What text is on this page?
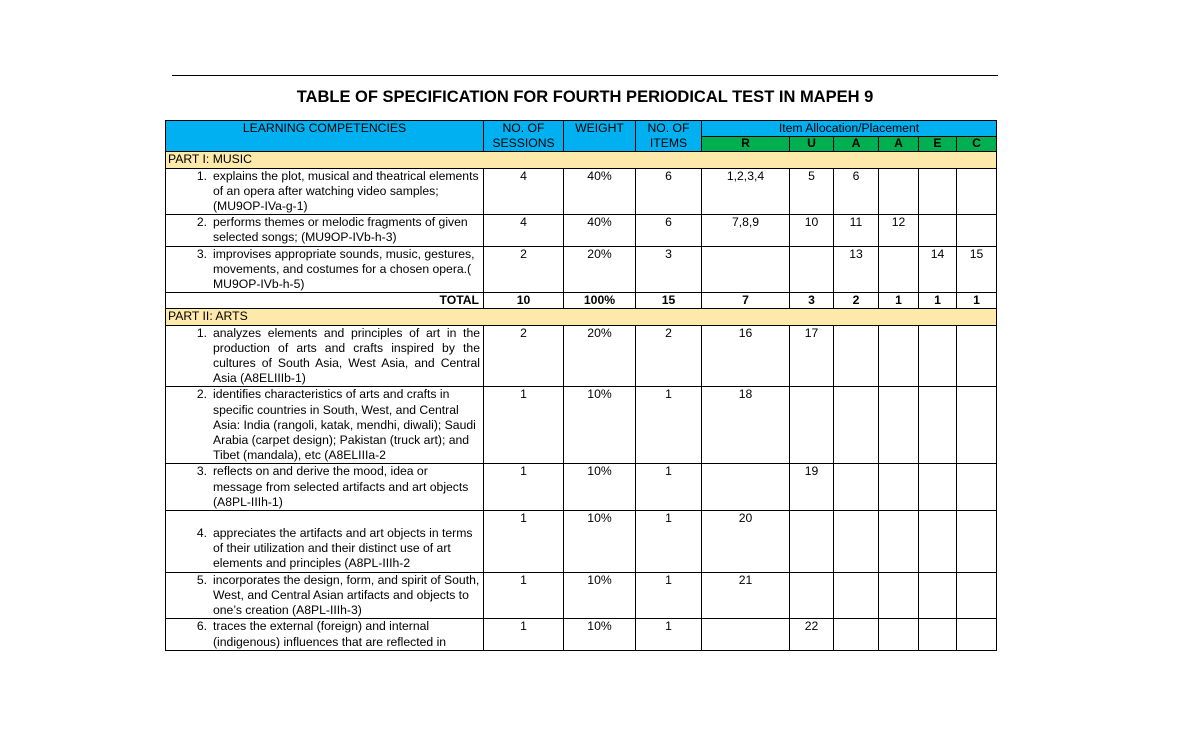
TABLE OF SPECIFICATION FOR FOURTH PERIODICAL TEST IN MAPEH 9
LEARNING COMPETENCIES	NO. OF SESSIONS	WEIGHT	NO. OF ITEMS	Item Allocation/Placement					
				R	U	A	A	E	C
PART I: MUSIC									

1. explains the plot, musical and theatrical elements of an opera after watching video samples; (MU9OP-IVa-g-1)	4	40%	6	1,2,3,4	5	6			

2. performs themes or melodic fragments of given selected songs; (MU9OP-IVb-h-3)	4	40%	6	7,8,9	10	11	12		

3. improvises appropriate sounds, music, gestures, movements, and costumes for a chosen opera.( MU9OP-IVb-h-5)	2	20%	3			13		14	15
TOTAL	10	100%	15	7	3	2	1	1	1
PART II: ARTS									

1. analyzes elements and principles of art in the production of arts and crafts inspired by the cultures of South Asia, West Asia, and Central Asia (A8ELIIIb-1)	2	20%	2	16	17				

2. identifies characteristics of arts and crafts in specific countries in South, West, and Central Asia: India (rangoli, katak, mendhi, diwali); Saudi Arabia (carpet design); Pakistan (truck art); and Tibet (mandala), etc (A8ELIIIa-2	1	10%	1	18					

3. reflects on and derive the mood, idea or message from selected artifacts and art objects (A8PL-IIIh-1)	1	10%	1		19				

4. appreciates the artifacts and art objects in terms of their utilization and their distinct use of art elements and principles (A8PL-IIIh-2	1	10%	1	20					

5. incorporates the design, form, and spirit of South, West, and Central Asian artifacts and objects to one’s creation (A8PL-IIIh-3)	1	10%	1	21					

6. traces the external (foreign) and internal (indigenous) influences that are reflected in	1	10%	1		22				
